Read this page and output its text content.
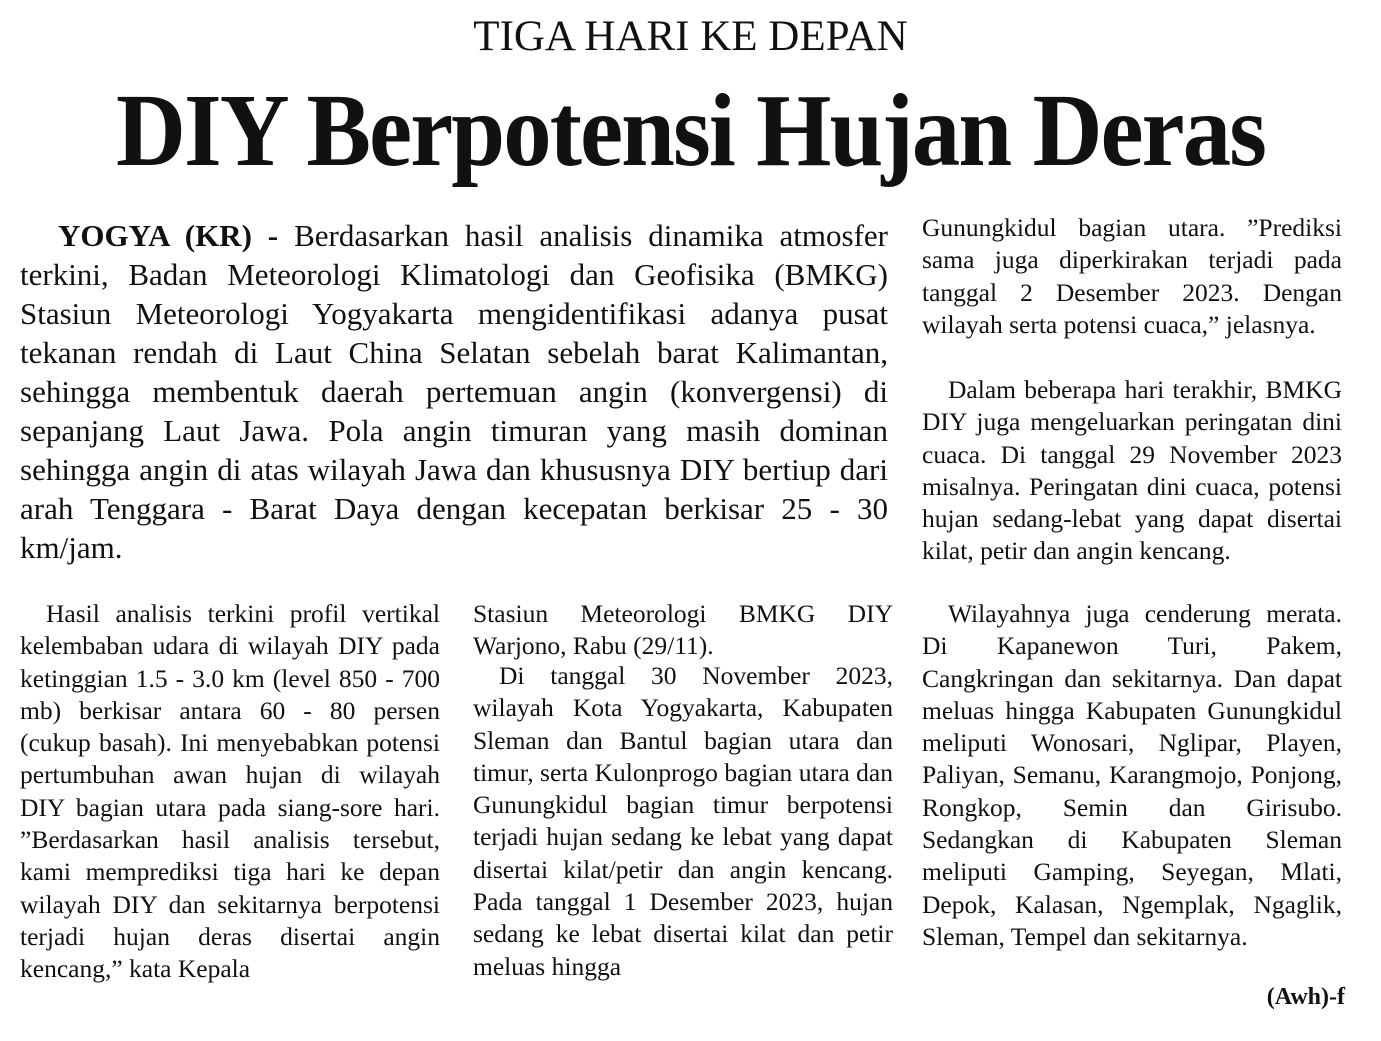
TIGA HARI KE DEPAN
DIY Berpotensi Hujan Deras

YOGYA (KR) - Berdasarkan hasil analisis dinamika atmosfer terkini, Badan Meteorologi Klimatologi dan Geofisika (BMKG) Stasiun Meteorologi Yogyakarta mengidentifikasi adanya pusat tekanan rendah di Laut China Selatan sebelah barat Kalimantan, sehingga membentuk daerah pertemuan angin (konvergensi) di sepanjang Laut Jawa. Pola angin timuran yang masih dominan sehingga angin di atas wilayah Jawa dan khususnya DIY bertiup dari arah Tenggara - Barat Daya dengan kecepatan berkisar 25 - 30 km/jam.

Hasil analisis terkini profil vertikal kelembaban udara di wilayah DIY pada ketinggian 1.5 - 3.0 km (level 850 - 700 mb) berkisar antara 60 - 80 persen (cukup basah). Ini menyebabkan potensi pertumbuhan awan hujan di wilayah DIY bagian utara pada siang-sore hari. ”Berdasarkan hasil analisis tersebut, kami memprediksi tiga hari ke depan wilayah DIY dan sekitarnya berpotensi terjadi hujan deras disertai angin kencang,” kata Kepala

Stasiun Meteorologi BMKG DIY Warjono, Rabu (29/11).

Di tanggal 30 November 2023, wilayah Kota Yogyakarta, Kabupaten Sleman dan Bantul bagian utara dan timur, serta Kulonprogo bagian utara dan Gunungkidul bagian timur berpotensi terjadi hujan sedang ke lebat yang dapat disertai kilat/petir dan angin kencang. Pada tanggal 1 Desember 2023, hujan sedang ke lebat disertai kilat dan petir meluas hingga

Gunungkidul bagian utara. ”Prediksi sama juga diperkirakan terjadi pada tanggal 2 Desember 2023. Dengan wilayah serta potensi cuaca,” jelasnya.

Dalam beberapa hari terakhir, BMKG DIY juga mengeluarkan peringatan dini cuaca. Di tanggal 29 November 2023 misalnya. Peringatan dini cuaca, potensi hujan sedang-lebat yang dapat disertai kilat, petir dan angin kencang.

Wilayahnya juga cenderung merata. Di Kapanewon Turi, Pakem, Cangkringan dan sekitarnya. Dan dapat meluas hingga Kabupaten Gunungkidul meliputi Wonosari, Nglipar, Playen, Paliyan, Semanu, Karangmojo, Ponjong, Rongkop, Semin dan Girisubo. Sedangkan di Kabupaten Sleman meliputi Gamping, Seyegan, Mlati, Depok, Kalasan, Ngemplak, Ngaglik, Sleman, Tempel dan sekitarnya.

(Awh)-f
